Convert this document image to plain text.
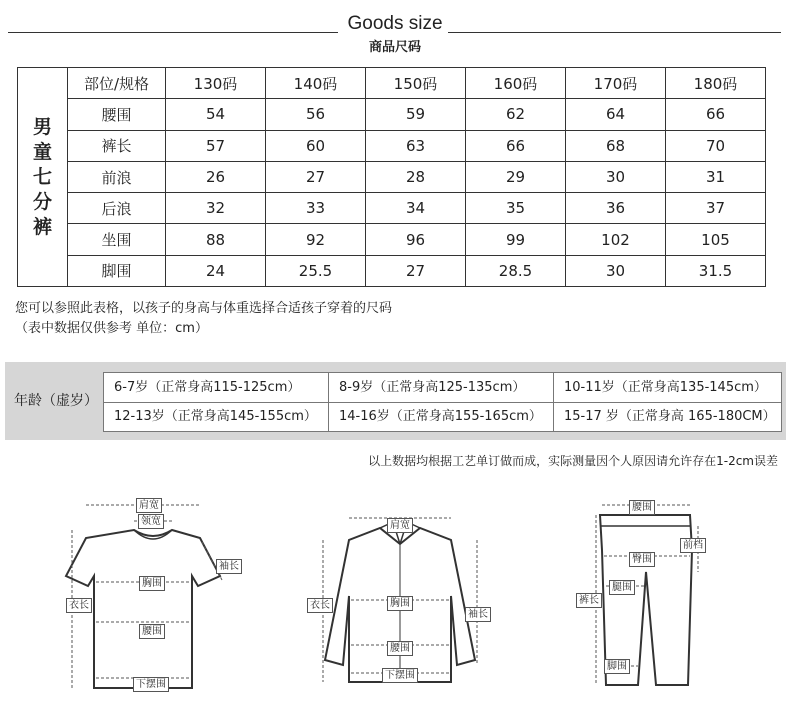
Goods size
商品尺码
男
童
七
分
裤	部位/规格	130码	140码	150码	160码	170码	180码
	腰围	54	56	59	62	64	66
	裤长	57	60	63	66	68	70
	前浪	26	27	28	29	30	31
	后浪	32	33	34	35	36	37
	坐围	88	92	96	99	102	105
	脚围	24	25.5	27	28.5	30	31.5
您可以参照此表格，以孩子的身高与体重选择合适孩子穿着的尺码
（表中数据仅供参考 单位：cm）
年龄（虚岁）
6-7岁（正常身高115-125cm）	8-9岁（正常身高125-135cm）	10-11岁（正常身高135-145cm）
12-13岁（正常身高145-155cm）	14-16岁（正常身高155-165cm）	15-17 岁（正常身高 165-180CM）
以上数据均根据工艺单订做而成，实际测量因个人原因请允许存在1-2cm误差
肩宽
领宽
袖长
胸围
衣长
腰围
下摆围
肩宽
胸围
衣长
袖长
腰围
下摆围
腰围
前档
臀围
腿围
裤长
脚围
